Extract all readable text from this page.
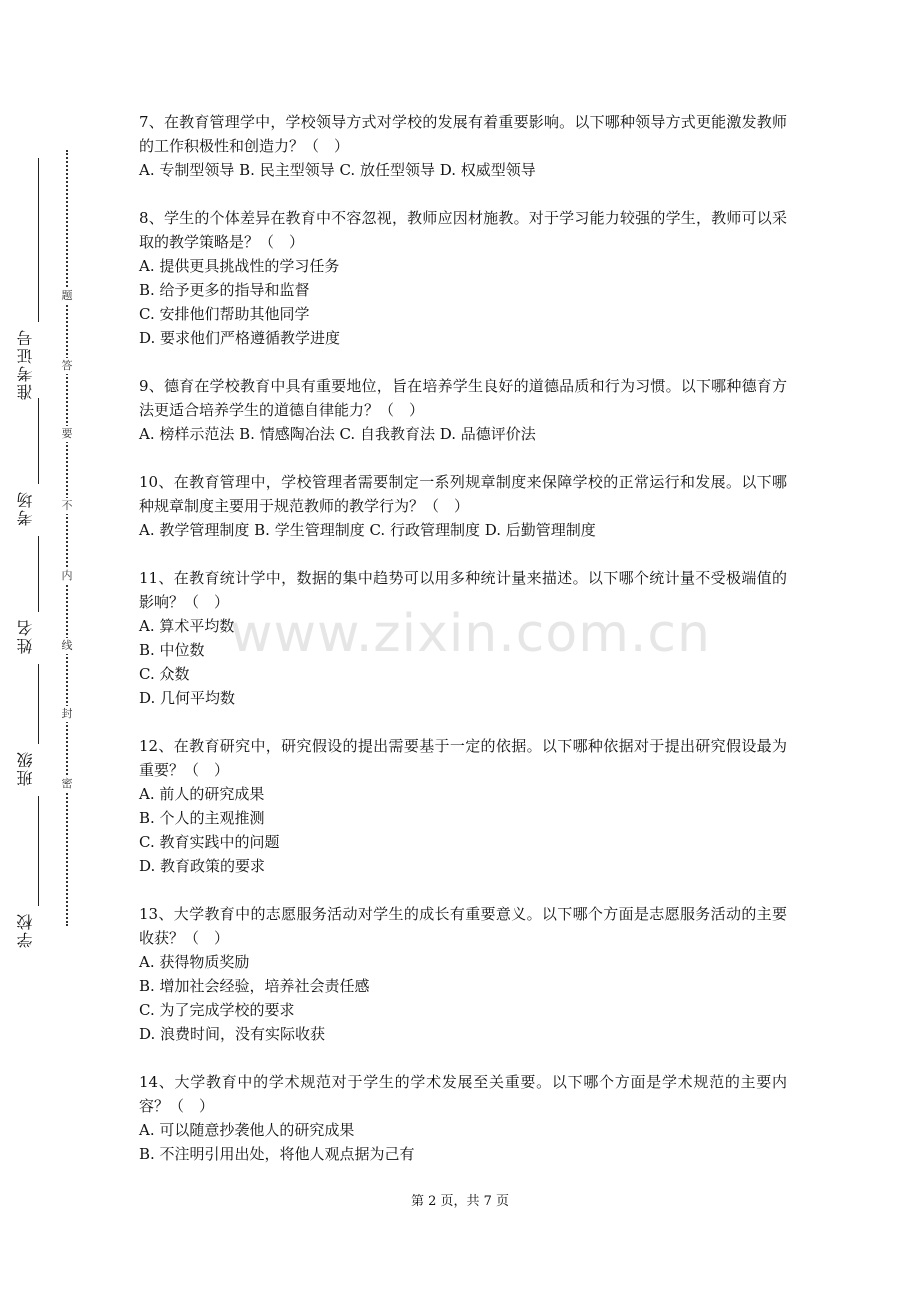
准考证号
考场
姓名
班级
学校
题
答
要
不
内
线
封
密
www.zixin.com.cn
7、在教育管理学中，学校领导方式对学校的发展有着重要影响。以下哪种领导方式更能激发教师的工作积极性和创造力？（　）
A. 专制型领导 B. 民主型领导 C. 放任型领导 D. 权威型领导
8、学生的个体差异在教育中不容忽视，教师应因材施教。对于学习能力较强的学生，教师可以采取的教学策略是？（　）
A. 提供更具挑战性的学习任务
B. 给予更多的指导和监督
C. 安排他们帮助其他同学
D. 要求他们严格遵循教学进度
9、德育在学校教育中具有重要地位，旨在培养学生良好的道德品质和行为习惯。以下哪种德育方法更适合培养学生的道德自律能力？（　）
A. 榜样示范法 B. 情感陶冶法 C. 自我教育法 D. 品德评价法
10、在教育管理中，学校管理者需要制定一系列规章制度来保障学校的正常运行和发展。以下哪种规章制度主要用于规范教师的教学行为？（　）
A. 教学管理制度 B. 学生管理制度 C. 行政管理制度 D. 后勤管理制度
11、在教育统计学中，数据的集中趋势可以用多种统计量来描述。以下哪个统计量不受极端值的影响？（　）
A. 算术平均数
B. 中位数
C. 众数
D. 几何平均数
12、在教育研究中，研究假设的提出需要基于一定的依据。以下哪种依据对于提出研究假设最为重要？（　）
A. 前人的研究成果
B. 个人的主观推测
C. 教育实践中的问题
D. 教育政策的要求
13、大学教育中的志愿服务活动对学生的成长有重要意义。以下哪个方面是志愿服务活动的主要收获？（　）
A. 获得物质奖励
B. 增加社会经验，培养社会责任感
C. 为了完成学校的要求
D. 浪费时间，没有实际收获
14、大学教育中的学术规范对于学生的学术发展至关重要。以下哪个方面是学术规范的主要内容？（　）
A. 可以随意抄袭他人的研究成果
B. 不注明引用出处，将他人观点据为己有
第 2 页，共 7 页
